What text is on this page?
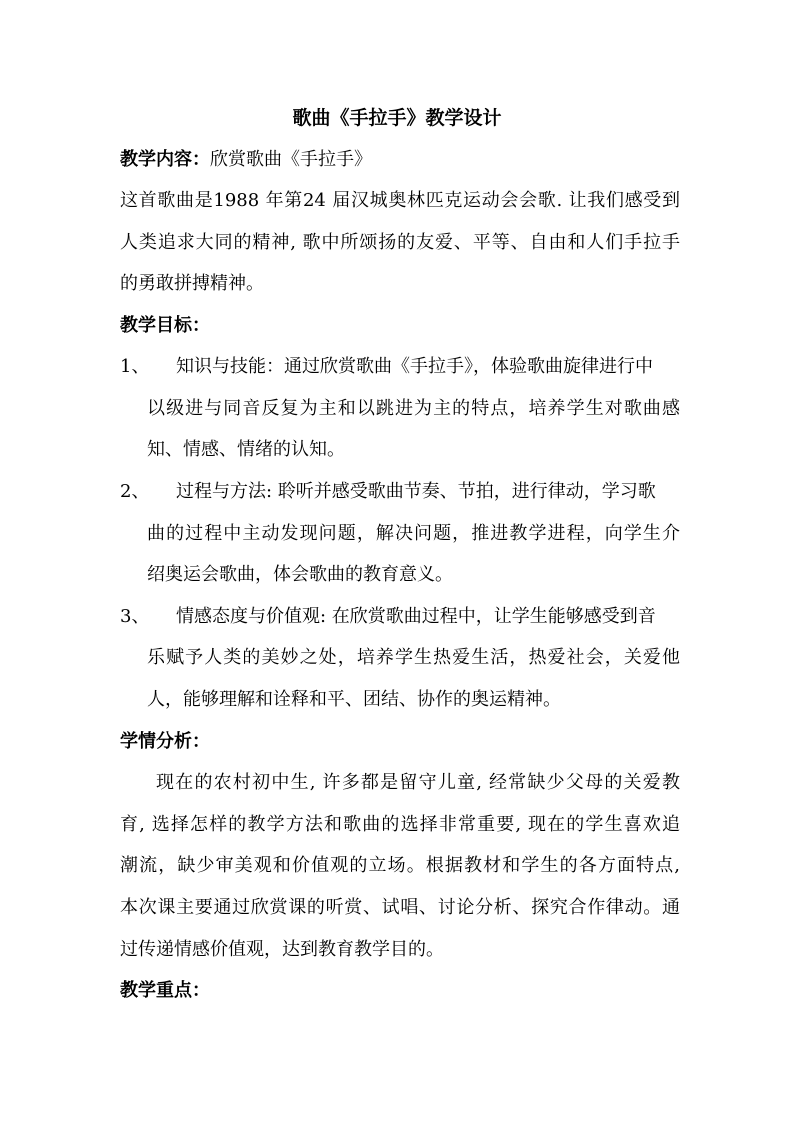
歌曲《手拉手》教学设计
教学内容：欣赏歌曲《手拉手》
这首歌曲是1988 年第24 届汉城奥林匹克运动会会歌. 让我们感受到
人类追求大同的精神, 歌中所颂扬的友爱、平等、自由和人们手拉手
的勇敢拼搏精神。
教学目标：
1、 知识与技能：通过欣赏歌曲《手拉手》，体验歌曲旋律进行中
以级进与同音反复为主和以跳进为主的特点，培养学生对歌曲感
知、情感、情绪的认知。
2、 过程与方法: 聆听并感受歌曲节奏、节拍，进行律动，学习歌
曲的过程中主动发现问题，解决问题，推进教学进程，向学生介
绍奥运会歌曲，体会歌曲的教育意义。
3、 情感态度与价值观: 在欣赏歌曲过程中，让学生能够感受到音
乐赋予人类的美妙之处，培养学生热爱生活，热爱社会，关爱他
人，能够理解和诠释和平、团结、协作的奥运精神。
学情分析：
现在的农村初中生, 许多都是留守儿童, 经常缺少父母的关爱教
育, 选择怎样的教学方法和歌曲的选择非常重要, 现在的学生喜欢追
潮流，缺少审美观和价值观的立场。根据教材和学生的各方面特点,
本次课主要通过欣赏课的听赏、试唱、讨论分析、探究合作律动。通
过传递情感价值观，达到教育教学目的。
教学重点：
